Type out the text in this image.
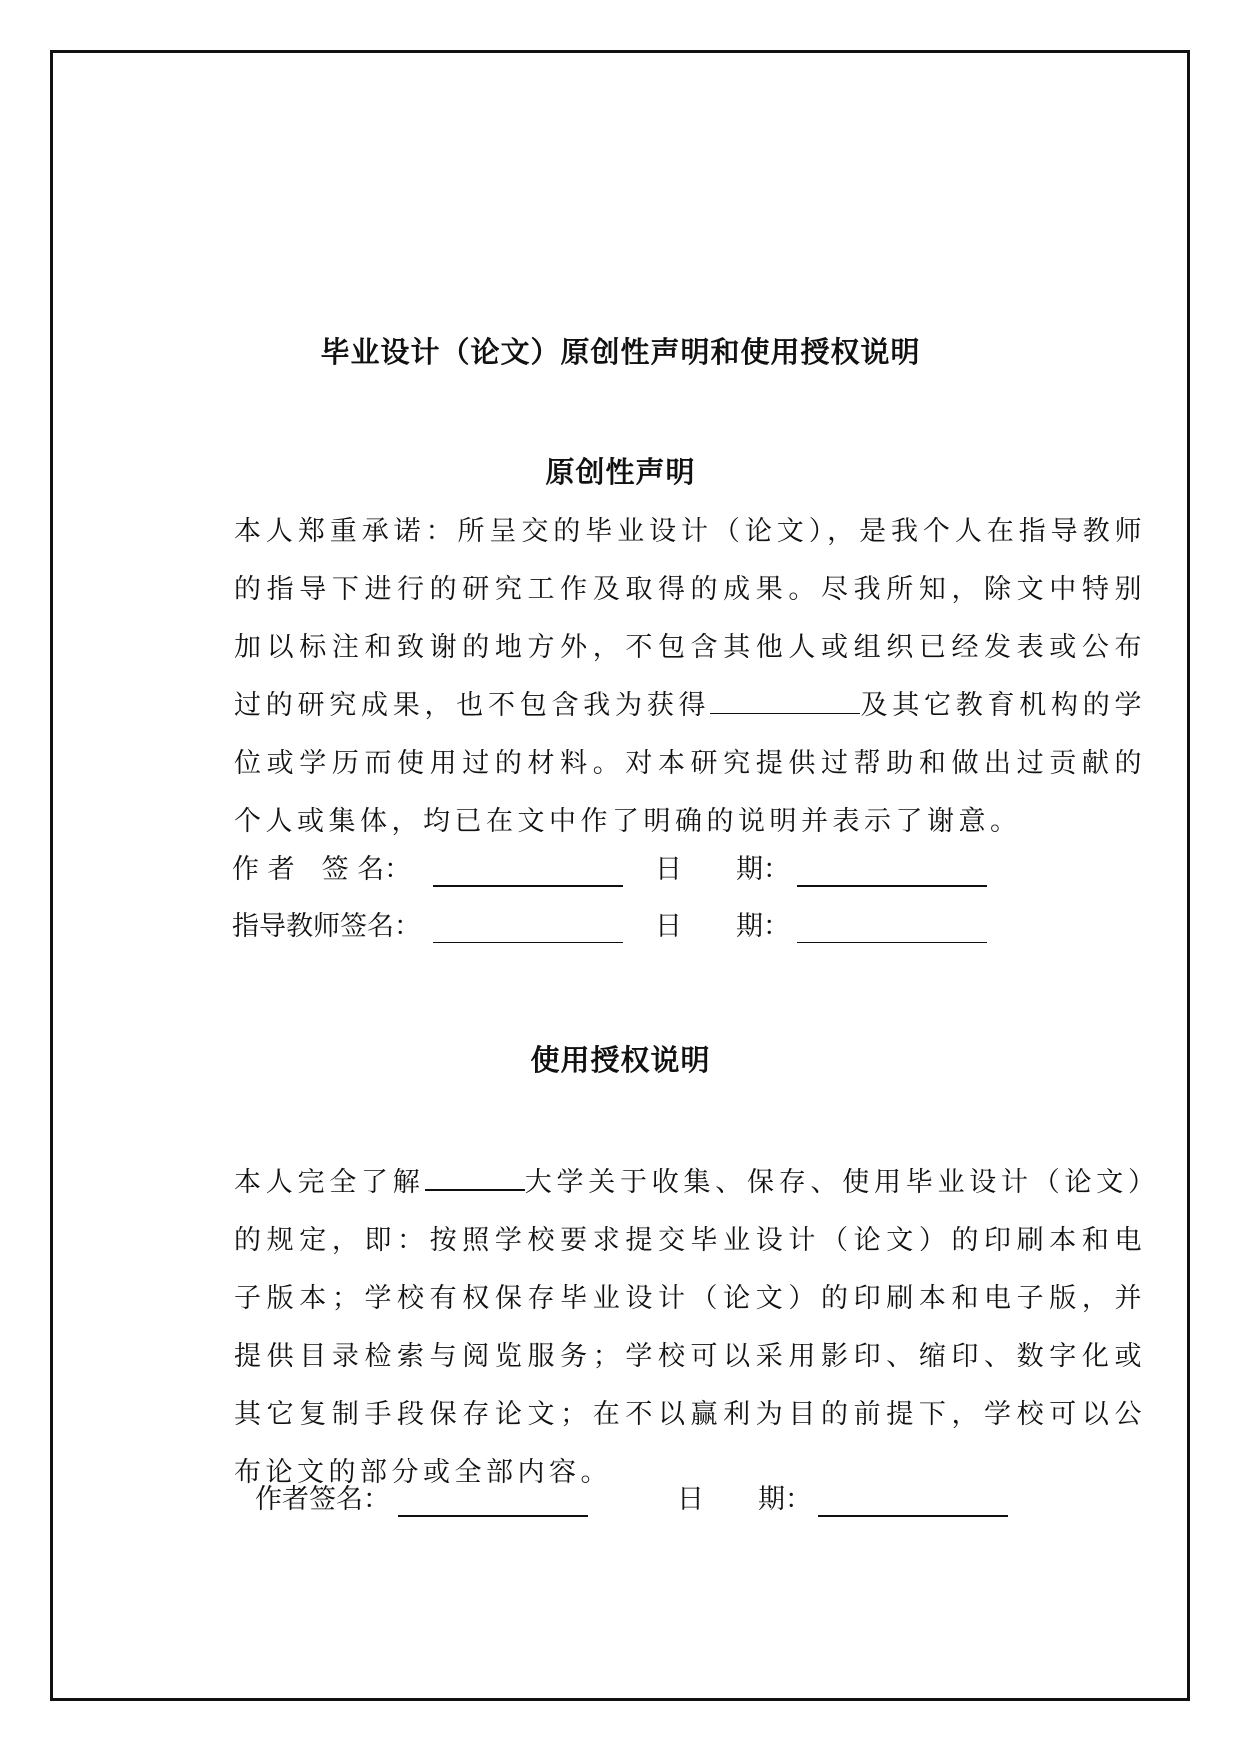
毕业设计（论文）原创性声明和使用授权说明
原创性声明

本人郑重承诺：所呈交的毕业设计（论文），是我个人在指导教师的指导下进行的研究工作及取得的成果。尽我所知，除文中特别加以标注和致谢的地方外，不包含其他人或组织已经发表或公布过的研究成果，也不包含我为获得	及其它教育机构的学位或学历而使用过的材料。对本研究提供过帮助和做出过贡献的个人或集体，均已在文中作了明确的说明并表示了谢意。

作 者　签 名：	日　　期：
指导教师签名：	日　　期：
使用授权说明

本人完全了解	大学关于收集、保存、使用毕业设计（论文）的规定，即：按照学校要求提交毕业设计（论文）的印刷本和电子版本；学校有权保存毕业设计（论文）的印刷本和电子版，并提供目录检索与阅览服务；学校可以采用影印、缩印、数字化或其它复制手段保存论文；在不以赢利为目的前提下，学校可以公布论文的部分或全部内容。

作者签名：	日　　期：
